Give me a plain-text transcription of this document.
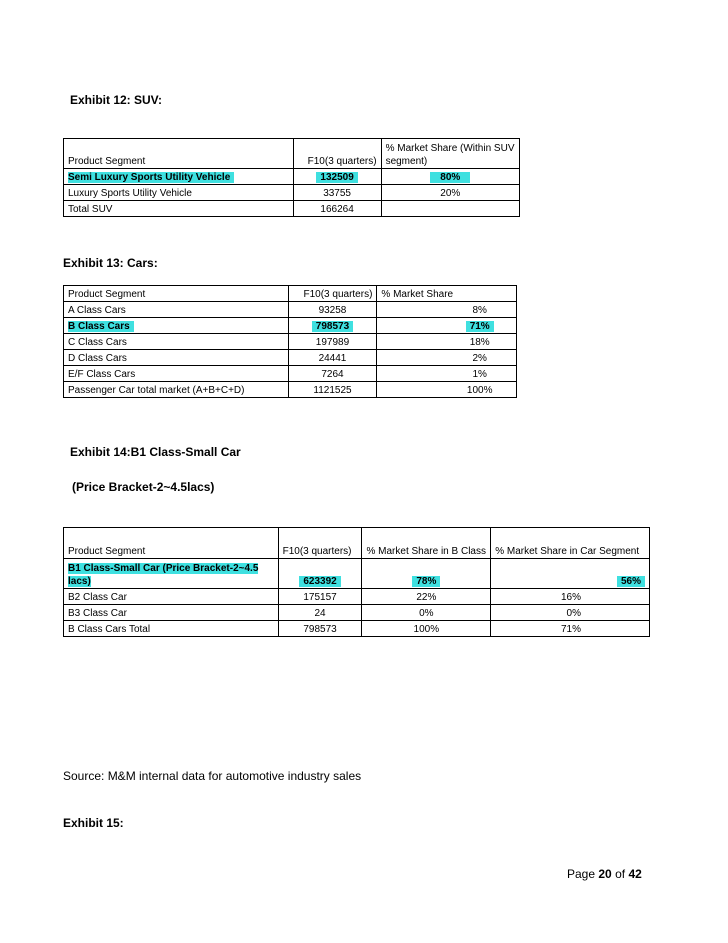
Exhibit 12: SUV:
Product Segment	F10(3 quarters)	% Market Share (Within SUV segment)
Semi Luxury Sports Utility Vehicle	132509	80%
Luxury Sports Utility Vehicle	33755	20%
Total SUV	166264	
Exhibit 13: Cars:
Product Segment	F10(3 quarters)	% Market Share
A Class Cars	93258	8%
B Class Cars	798573	71%
C Class Cars	197989	18%
D Class Cars	24441	2%
E/F Class Cars	7264	1%
Passenger Car total market (A+B+C+D)	1121525	100%
Exhibit 14:B1 Class-Small Car
(Price Bracket-2~4.5lacs)
Product Segment	F10(3 quarters)	% Market Share in B Class	% Market Share in Car Segment
B1 Class-Small Car (Price Bracket-2~4.5 lacs)	623392	78%	56%
B2 Class Car	175157	22%	16%
B3 Class Car	24	0%	0%
B Class Cars Total	798573	100%	71%
Source: M&M internal data for automotive industry sales
Exhibit 15:
Page 20 of 42
